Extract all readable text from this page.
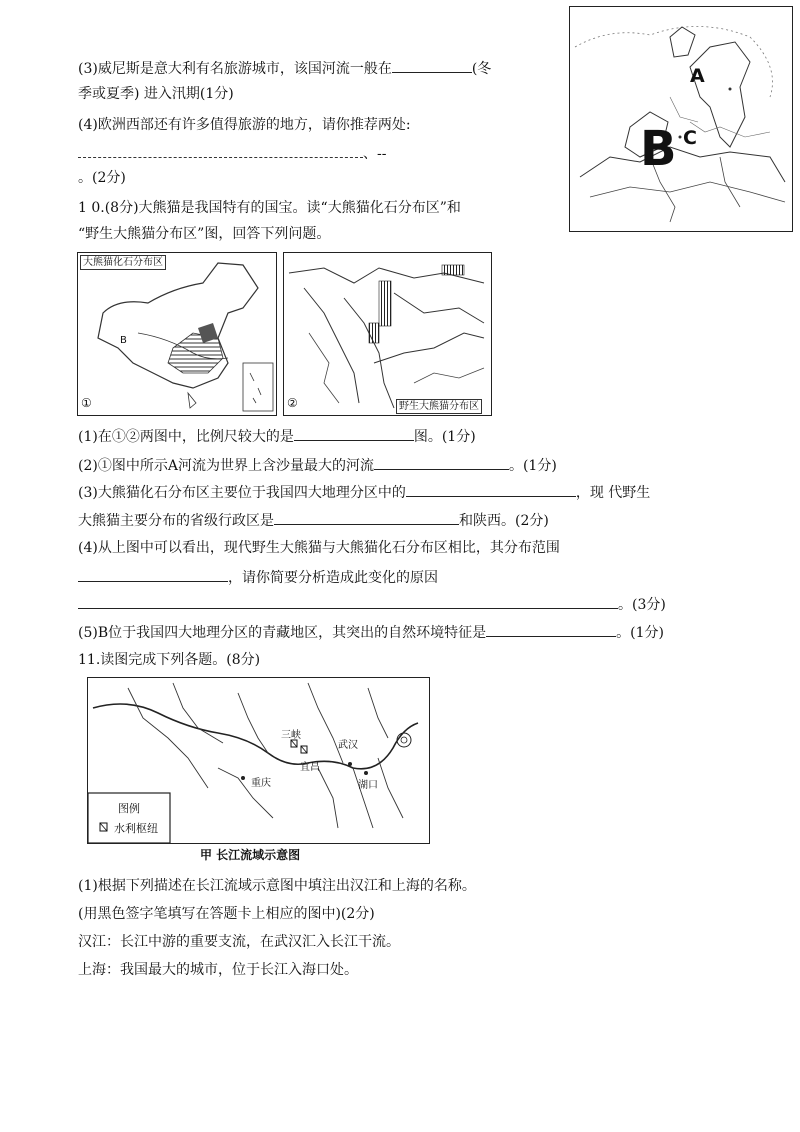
(3)威尼斯是意大利有名旅游城市，该国河流一般在	(冬
季或夏季) 进入汛期(1分)
(4)欧洲西部还有许多值得旅游的地方，请你推荐两处:
、--
。(2分)
A
B C
1 0.(8分)大熊猫是我国特有的国宝。读“大熊猫化石分布区”和
“野生大熊猫分布区”图，回答下列问题。
大熊猫化石分布区
①
B
②	野生大熊猫分布区
(1)在①②两图中，比例尺较大的是	图。(1分)
(2)①图中所示A河流为世界上含沙量最大的河流	。(1分)
(3)大熊猫化石分布区主要位于我国四大地理分区中的	，现 代野生
大熊猫主要分布的省级行政区是	和陕西。(2分)
(4)从上图中可以看出，现代野生大熊猫与大熊猫化石分布区相比，其分布范围
，请你简要分析造成此变化的原因
。(3分)
(5)B位于我国四大地理分区的青藏地区，其突出的自然环境特征是	。(1分)
11.读图完成下列各题。(8分)
三峡
武汉
宜昌
重庆	湖口
图例
水利枢纽
甲 长江流域示意图
(1)根据下列描述在长江流域示意图中填注出汉江和上海的名称。
(用黑色签字笔填写在答题卡上相应的图中)(2分)
汉江：长江中游的重要支流，在武汉汇入长江干流。
上海：我国最大的城市，位于长江入海口处。
